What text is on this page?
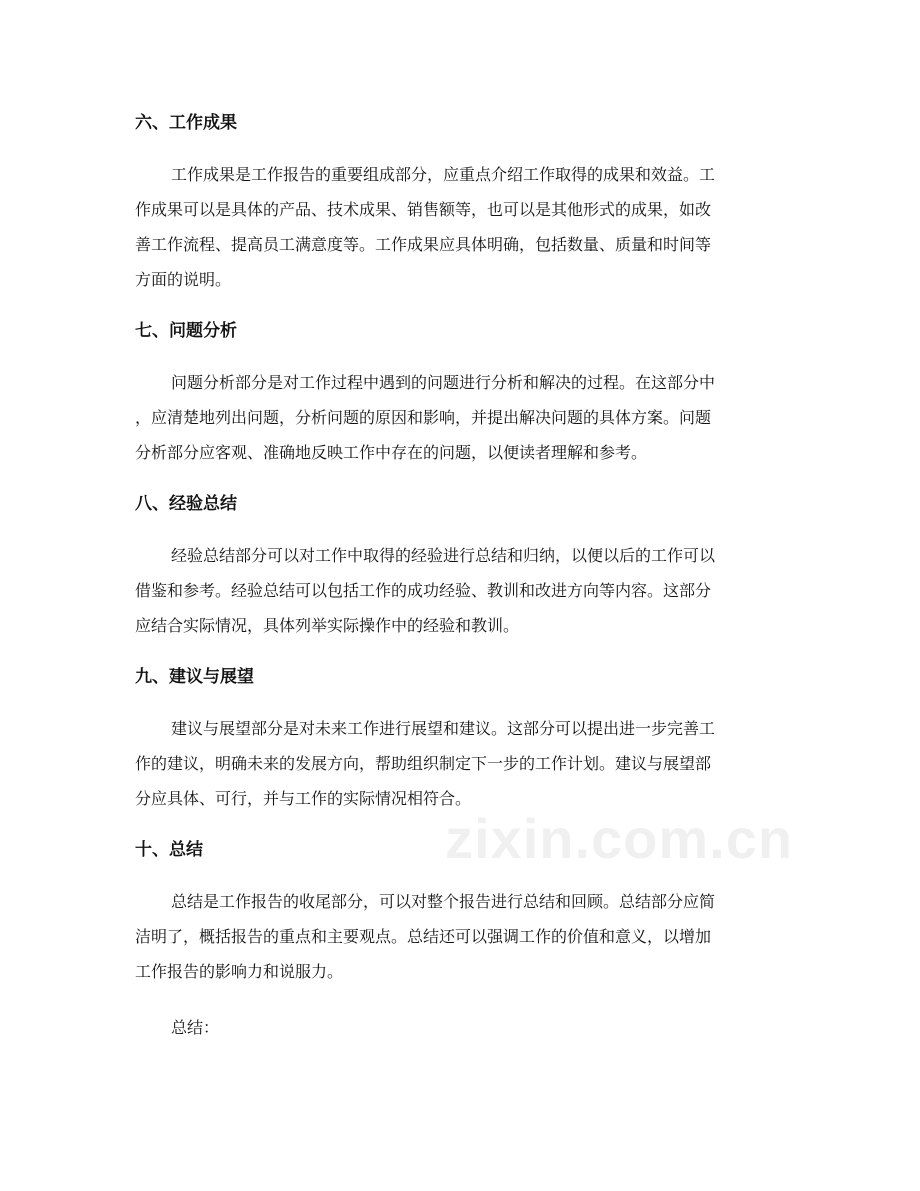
六、工作成果
工作成果是工作报告的重要组成部分，应重点介绍工作取得的成果和效益。工
作成果可以是具体的产品、技术成果、销售额等，也可以是其他形式的成果，如改
善工作流程、提高员工满意度等。工作成果应具体明确，包括数量、质量和时间等
方面的说明。
七、问题分析
问题分析部分是对工作过程中遇到的问题进行分析和解决的过程。在这部分中
，应清楚地列出问题，分析问题的原因和影响，并提出解决问题的具体方案。问题
分析部分应客观、准确地反映工作中存在的问题，以便读者理解和参考。
八、经验总结
经验总结部分可以对工作中取得的经验进行总结和归纳，以便以后的工作可以
借鉴和参考。经验总结可以包括工作的成功经验、教训和改进方向等内容。这部分
应结合实际情况，具体列举实际操作中的经验和教训。
九、建议与展望
建议与展望部分是对未来工作进行展望和建议。这部分可以提出进一步完善工
作的建议，明确未来的发展方向，帮助组织制定下一步的工作计划。建议与展望部
分应具体、可行，并与工作的实际情况相符合。
十、总结
总结是工作报告的收尾部分，可以对整个报告进行总结和回顾。总结部分应简
洁明了，概括报告的重点和主要观点。总结还可以强调工作的价值和意义，以增加
工作报告的影响力和说服力。
总结：
zixin.com.cn
